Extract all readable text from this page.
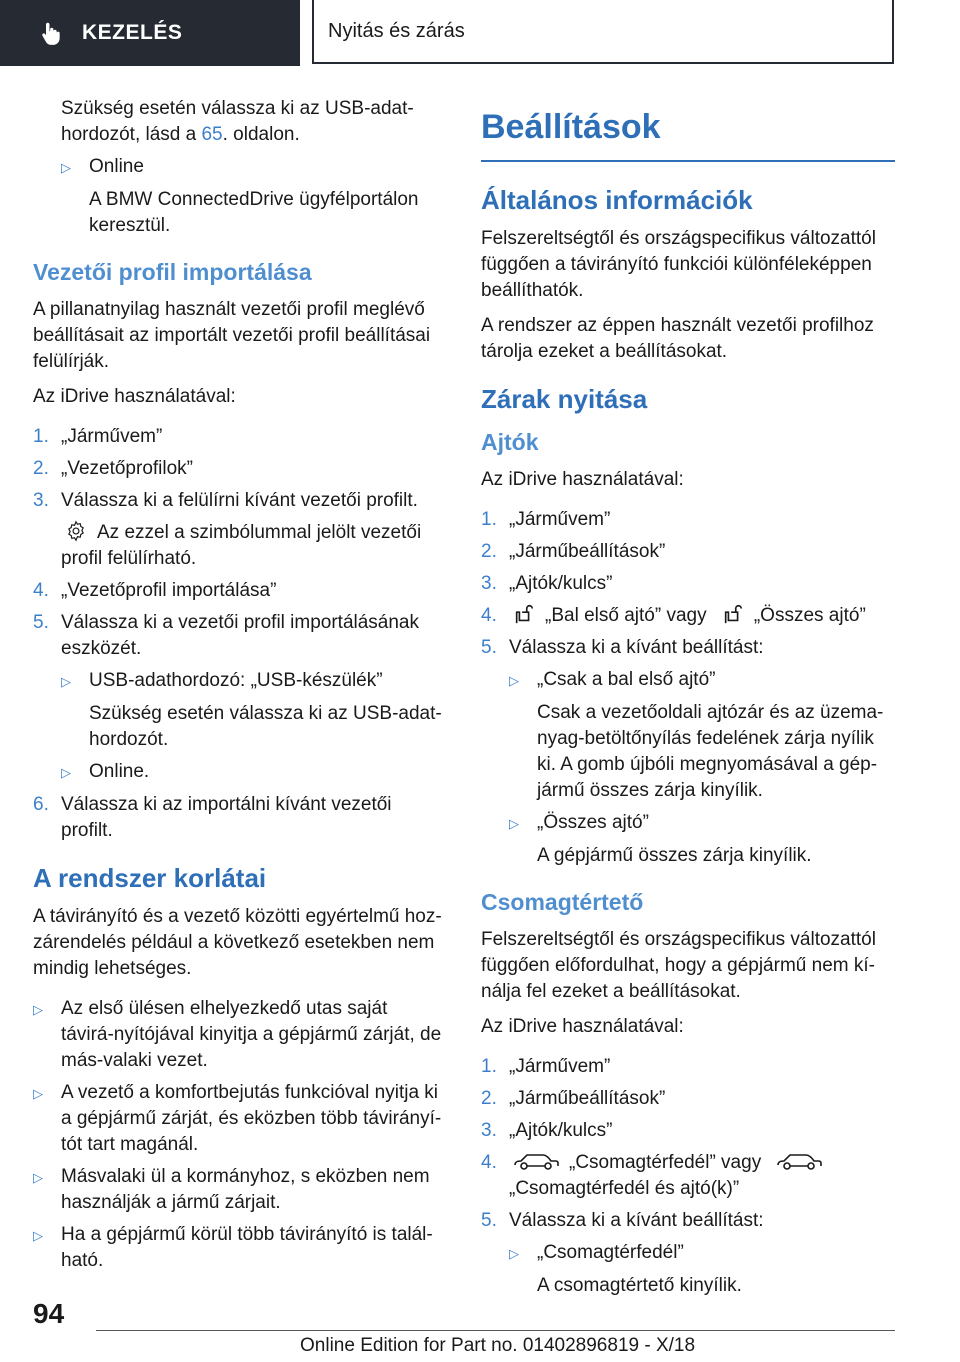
KEZELÉS	Nyitás és zárás

Szükség esetén válassza ki az USB-adat-hordozót, lásd a 65. oldalon.

▷ Online

A BMW ConnectedDrive ügyfélportálon keresztül.

Vezetői profil importálása

A pillanatnyilag használt vezetői profil meglévő beállításait az importált vezetői profil beállításai felülírják.

Az iDrive használatával:

1. „Járművem”
2. „Vezetőprofilok”
3. Válassza ki a felülírni kívánt vezetői profilt.

Az ezzel a szimbólummal jelölt vezetői profil felülírható.

4. „Vezetőprofil importálása”
5. Válassza ki a vezetői profil importálásának eszközét.
▷ USB-adathordozó: „USB-készülék”

Szükség esetén válassza ki az USB-adat-hordozót.

▷ Online.
6. Válassza ki az importálni kívánt vezetői profilt.
A rendszer korlátai

A távirányító és a vezető közötti egyértelmű hoz-zárendelés például a következő esetekben nem mindig lehetséges.

▷ Az első ülésen elhelyezkedő utas saját távirá-nyítójával kinyitja a gépjármű zárját, de más-valaki vezet.
▷ A vezető a komfortbejutás funkcióval nyitja ki a gépjármű zárját, és eközben több távirányí-tót tart magánál.
▷ Másvalaki ül a kormányhoz, s eközben nem használják a jármű zárjait.
▷ Ha a gépjármű körül több távirányító is talál-ható.
Beállítások
Általános információk

Felszereltségtől és országspecifikus változattól függően a távirányító funkciói különféleképpen beállíthatók.

A rendszer az éppen használt vezetői profilhoz tárolja ezeket a beállításokat.

Zárak nyitása
Ajtók

Az iDrive használatával:

1. „Járművem”
2. „Járműbeállítások”
3. „Ajtók/kulcs”
4.	„Bal első ajtó” vagy „Összes ajtó”
5. Válassza ki a kívánt beállítást:
▷ „Csak a bal első ajtó”

Csak a vezetőoldali ajtózár és az üzema-nyag-betöltőnyílás fedelének zárja nyílik ki. A gomb újbóli megnyomásával a gép-jármű összes zárja kinyílik.

▷ „Összes ajtó”

A gépjármű összes zárja kinyílik.

Csomagtértető

Felszereltségtől és országspecifikus változattól függően előfordulhat, hogy a gépjármű nem kí-nálja fel ezeket a beállításokat.

Az iDrive használatával:

1. „Járművem”
2. „Járműbeállítások”
3. „Ajtók/kulcs”
4.	„Csomagtérfedél” vagy
„Csomagtérfedél és ajtó(k)”
5. Válassza ki a kívánt beállítást:
▷ „Csomagtérfedél”

A csomagtértető kinyílik.

94
Online Edition for Part no. 01402896819 - X/18
